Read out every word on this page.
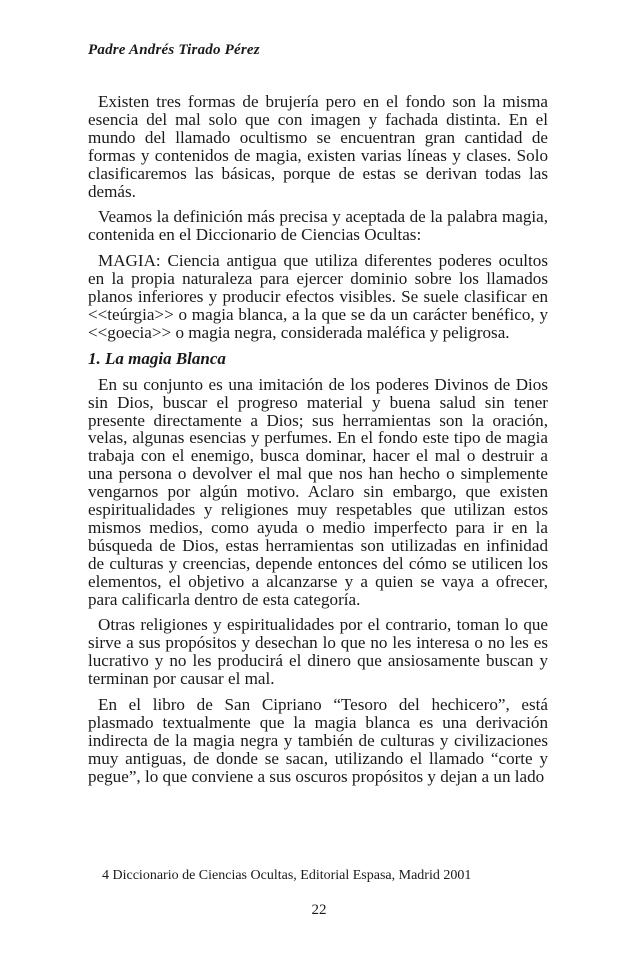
Padre Andrés Tirado Pérez

Existen tres formas de brujería pero en el fondo son la misma esencia del mal solo que con imagen y fachada distinta. En el mundo del llamado ocultismo se encuentran gran cantidad de formas y contenidos de magia, existen varias líneas y clases. Solo clasificaremos las básicas, porque de estas se derivan todas las demás.

Veamos la definición más precisa y aceptada de la palabra magia, contenida en el Diccionario de Ciencias Ocultas:

MAGIA: Ciencia antigua que utiliza diferentes poderes ocultos en la propia naturaleza para ejercer dominio sobre los llamados planos inferiores y producir efectos visibles. Se suele clasificar en <<teúrgia>> o magia blanca, a la que se da un carácter benéfico, y <<goecia>> o magia negra, considerada maléfica y peligrosa.

1. La magia Blanca

En su conjunto es una imitación de los poderes Divinos de Dios sin Dios, buscar el progreso material y buena salud sin tener presente directamente a Dios; sus herramientas son la oración, velas, algunas esencias y perfumes. En el fondo este tipo de magia trabaja con el enemigo, busca dominar, hacer el mal o destruir a una persona o devolver el mal que nos han hecho o simplemente vengarnos por algún motivo. Aclaro sin embargo, que existen espiritualidades y religiones muy respetables que utilizan estos mismos medios, como ayuda o medio imperfecto para ir en la búsqueda de Dios, estas herramientas son utilizadas en infinidad de culturas y creencias, depende entonces del cómo se utilicen los elementos, el objetivo a alcanzarse y a quien se vaya a ofrecer, para calificarla dentro de esta categoría.

Otras religiones y espiritualidades por el contrario, toman lo que sirve a sus propósitos y desechan lo que no les interesa o no les es lucrativo y no les producirá el dinero que ansiosamente buscan y terminan por causar el mal.

En el libro de San Cipriano “Tesoro del hechicero”, está plasmado textualmente que la magia blanca es una derivación indirecta de la magia negra y también de culturas y civilizaciones muy antiguas, de donde se sacan, utilizando el llamado “corte y pegue”, lo que conviene a sus oscuros propósitos y dejan a un lado

4 Diccionario de Ciencias Ocultas, Editorial Espasa, Madrid 2001
22
